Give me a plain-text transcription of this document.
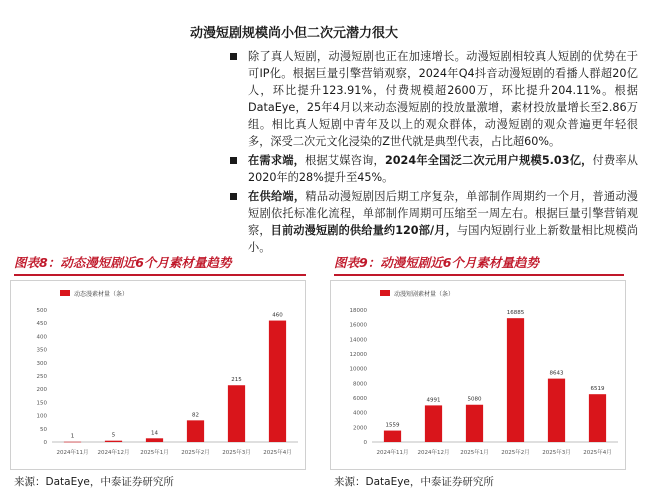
动漫短剧规模尚小但二次元潜力很大
除了真人短剧，动漫短剧也正在加速增长。动漫短剧相较真人短剧的优势在于可IP化。根据巨量引擎营销观察，2024年Q4抖音动漫短剧的看播人群超20亿人，环比提升123.91%，付费规模超2600万，环比提升204.11%。根据DataEye，25年4月以来动态漫短剧的投放量激增，素材投放量增长至2.86万组。相比真人短剧中青年及以上的观众群体，动漫短剧的观众普遍更年轻很多，深受二次元文化浸染的Z世代就是典型代表，占比超60%。
在需求端，根据艾媒咨询，2024年全国泛二次元用户规模5.03亿，付费率从2020年的28%提升至45%。
在供给端，精品动漫短剧因后期工序复杂，单部制作周期约一个月，普通动漫短剧依托标准化流程，单部制作周期可压缩至一周左右。根据巨量引擎营销观察，目前动漫短剧的供给量约120部/月，与国内短剧行业上新数量相比规模尚小。
图表8：动态漫短剧近6个月素材量趋势	图表9：动漫短剧近6个月素材量趋势
动态漫素材量（条）
0
50
100
150
200
250
300
350
400
450
500
1
2024年11月
5
2024年12月
14
2025年1月
82
2025年2月
215
2025年3月
460
2025年4月
动漫短剧素材量（条）
0
2000
4000
6000
8000
10000
12000
14000
16000
18000
1559
2024年11月
4991
2024年12月
5080
2025年1月
16885
2025年2月
8643
2025年3月
6519
2025年4月
来源：DataEye，中泰证券研究所	来源：DataEye，中泰证券研究所
